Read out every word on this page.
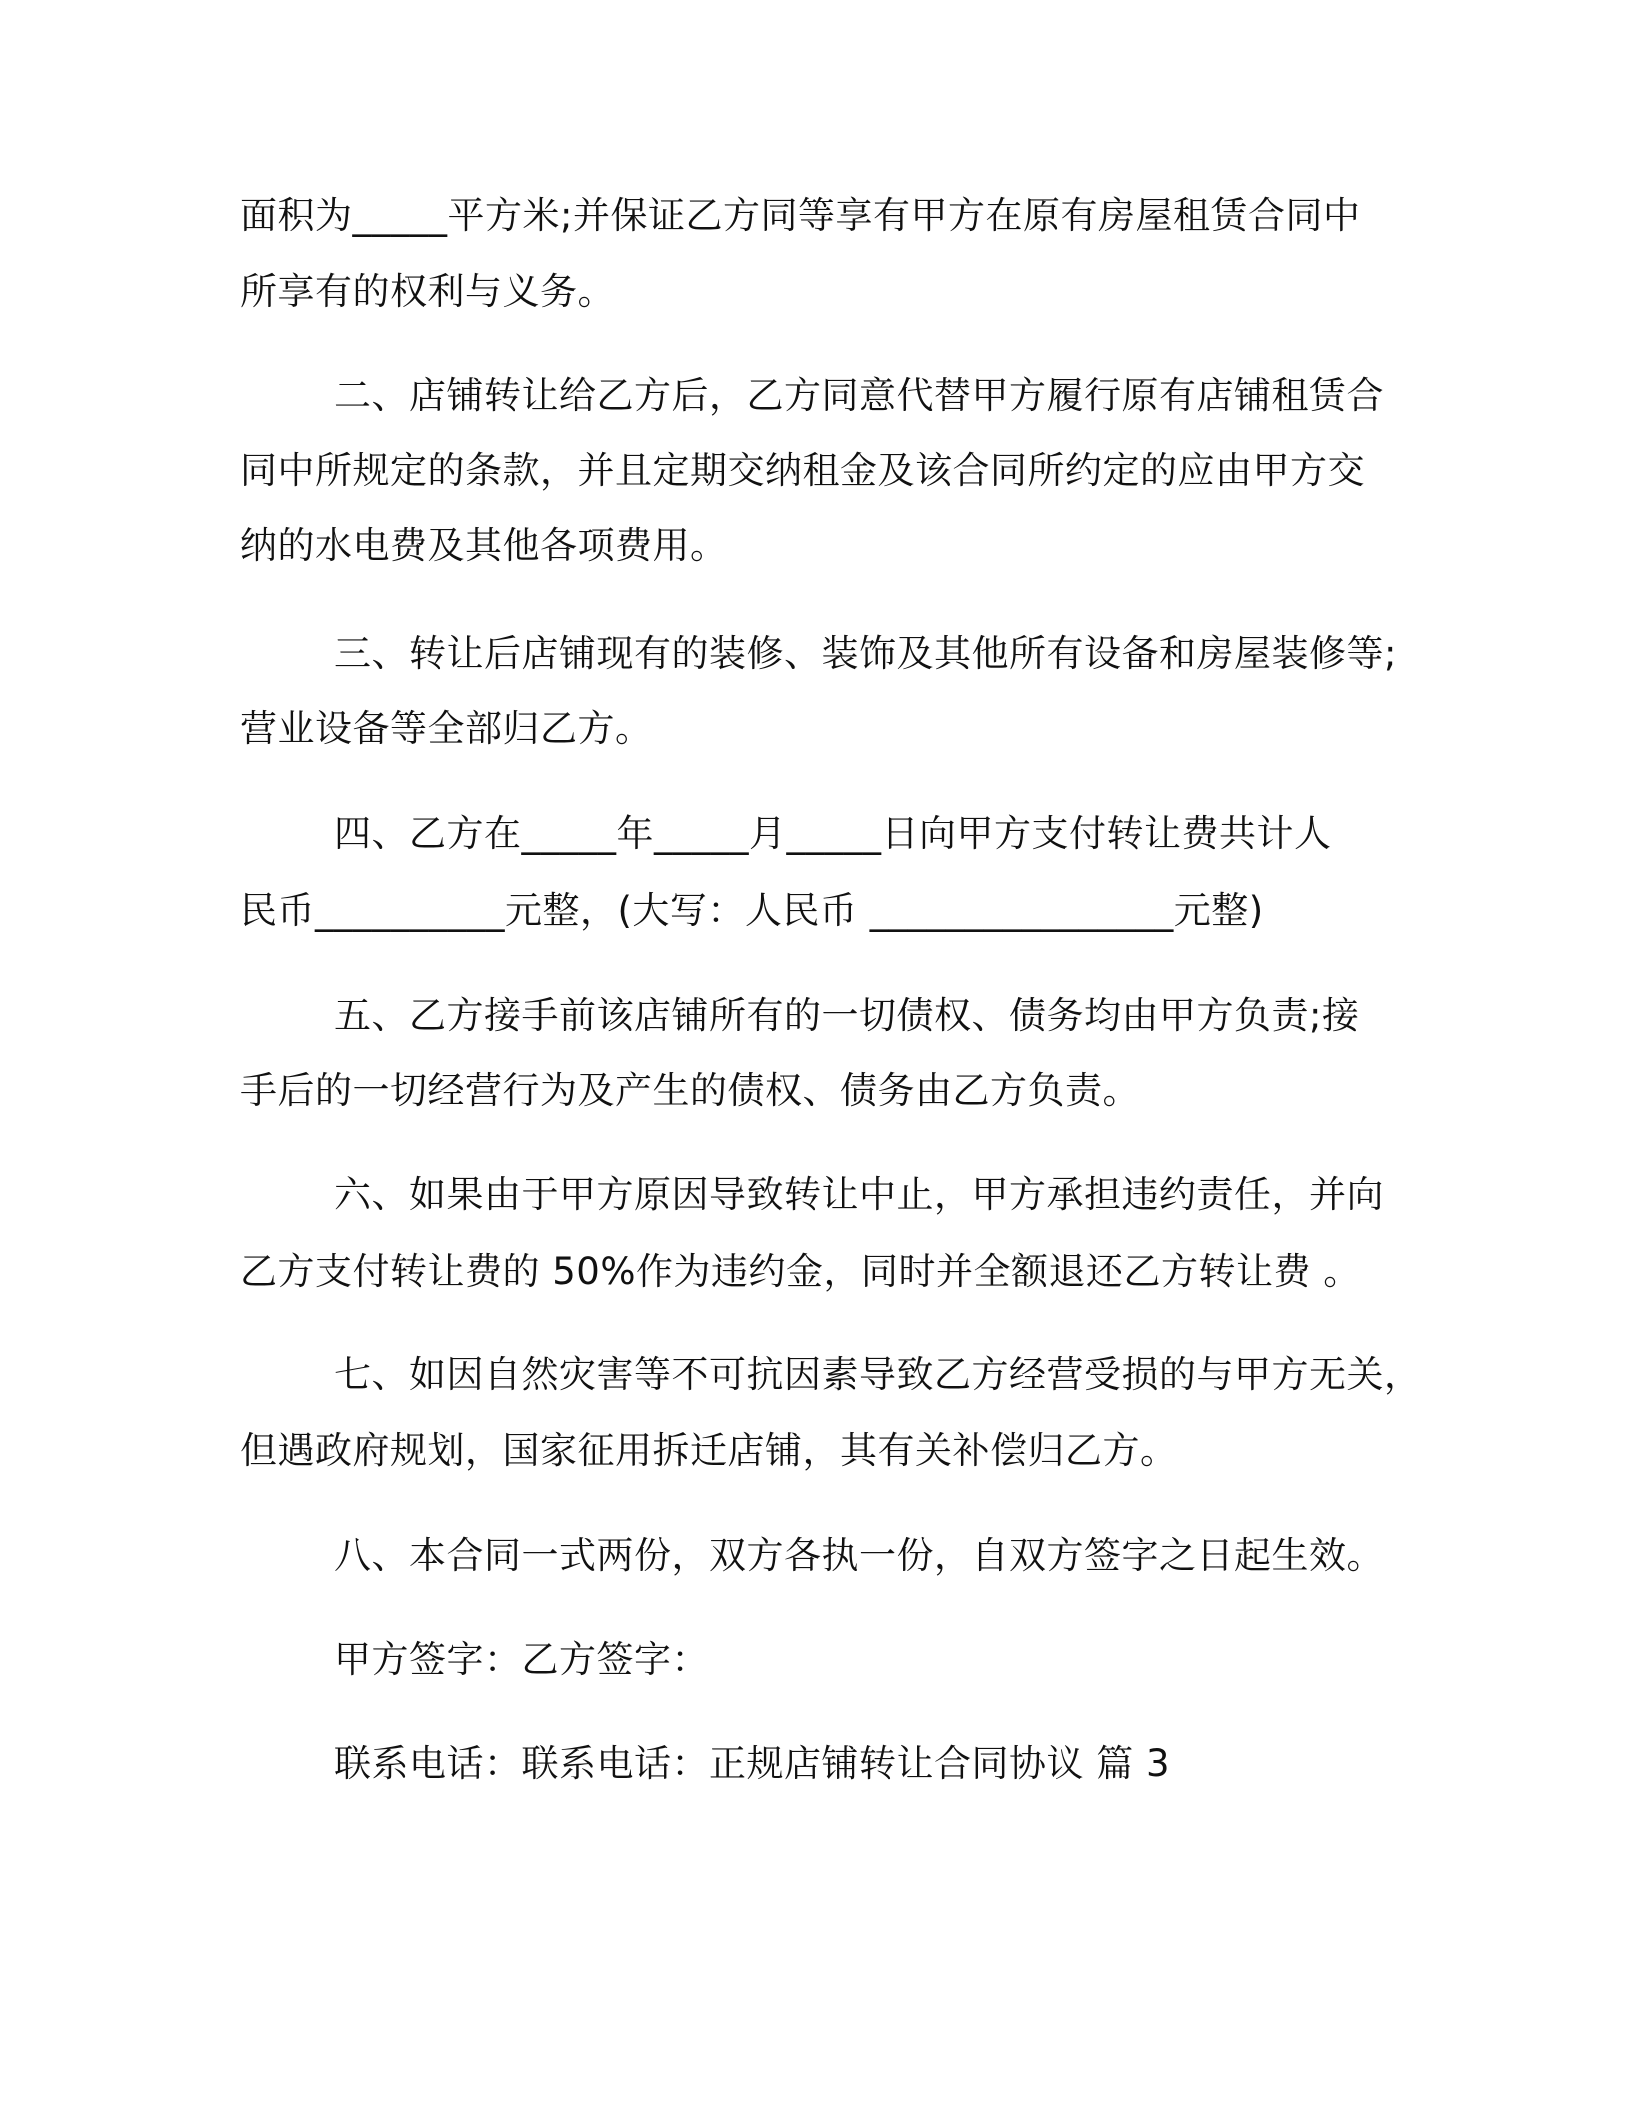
面积为_____平方米;并保证乙方同等享有甲方在原有房屋租赁合同中
所享有的权利与义务。
二、店铺转让给乙方后，乙方同意代替甲方履行原有店铺租赁合
同中所规定的条款，并且定期交纳租金及该合同所约定的应由甲方交
纳的水电费及其他各项费用。
三、转让后店铺现有的装修、装饰及其他所有设备和房屋装修等;
营业设备等全部归乙方。
四、乙方在_____年_____月_____日向甲方支付转让费共计人
民币__________元整，(大写：人民币 ________________元整)
五、乙方接手前该店铺所有的一切债权、债务均由甲方负责;接
手后的一切经营行为及产生的债权、债务由乙方负责。
六、如果由于甲方原因导致转让中止，甲方承担违约责任，并向
乙方支付转让费的 50%作为违约金，同时并全额退还乙方转让费 。
七、如因自然灾害等不可抗因素导致乙方经营受损的与甲方无关，
但遇政府规划，国家征用拆迁店铺，其有关补偿归乙方。
八、本合同一式两份，双方各执一份，自双方签字之日起生效。
甲方签字：乙方签字：
联系电话：联系电话：正规店铺转让合同协议 篇 3
